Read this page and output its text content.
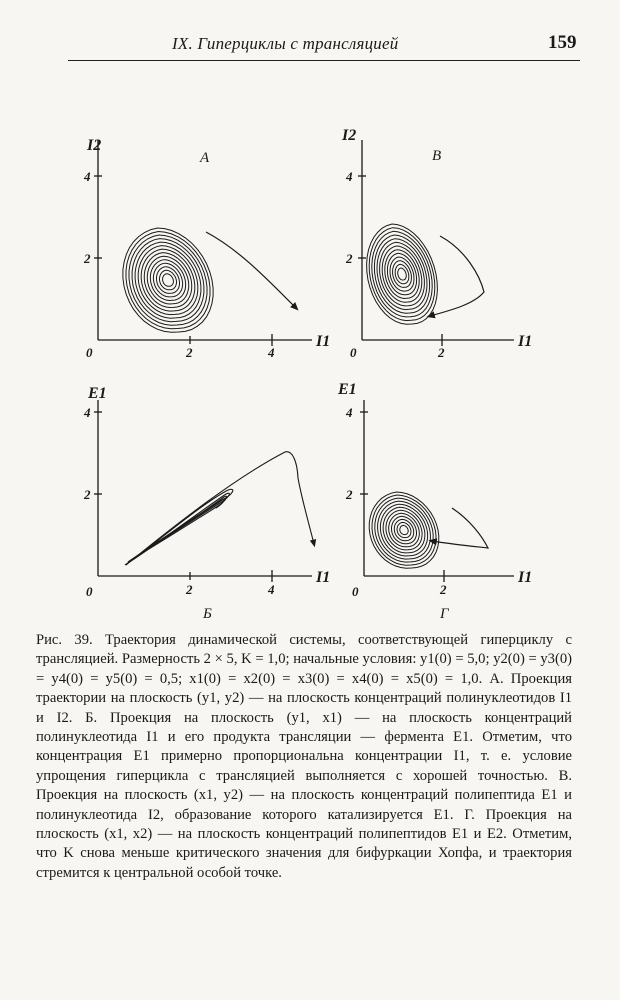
IX. Гиперциклы с трансляцией	159
I2
I1
0
4
2
2	4
А
I2
I1
0
4
2
2
В
E1
I1
0
4
2
2	4
Б
E1
I1
0
4
2
2
Г
Рис. 39. Траектория динамической системы, соответствующей гиперциклу с трансляцией. Размерность 2 × 5, K = 1,0; начальные условия: y1(0) = 5,0; y2(0) = y3(0) = y4(0) = y5(0) = 0,5; x1(0) = x2(0) = x3(0) = x4(0) = x5(0) = 1,0. А. Проекция траектории на плоскость (y1, y2) — на плоскость концентраций полинуклеотидов I1 и I2. Б. Проекция на плоскость (y1, x1) — на плоскость концентраций полинуклеотида I1 и его продукта трансляции — фермента E1. Отметим, что концентрация E1 примерно пропорциональна концентрации I1, т. е. условие упрощения гиперцикла с трансляцией выполняется с хорошей точностью. В. Проекция на плоскость (x1, y2) — на плоскость концентраций полипептида E1 и полинуклеотида I2, образование которого катализируется E1. Г. Проекция на плоскость (x1, x2) — на плоскость концентраций полипептидов E1 и E2. Отметим, что K снова меньше критического значения для бифуркации Хопфа, и траектория стремится к центральной особой точке.
